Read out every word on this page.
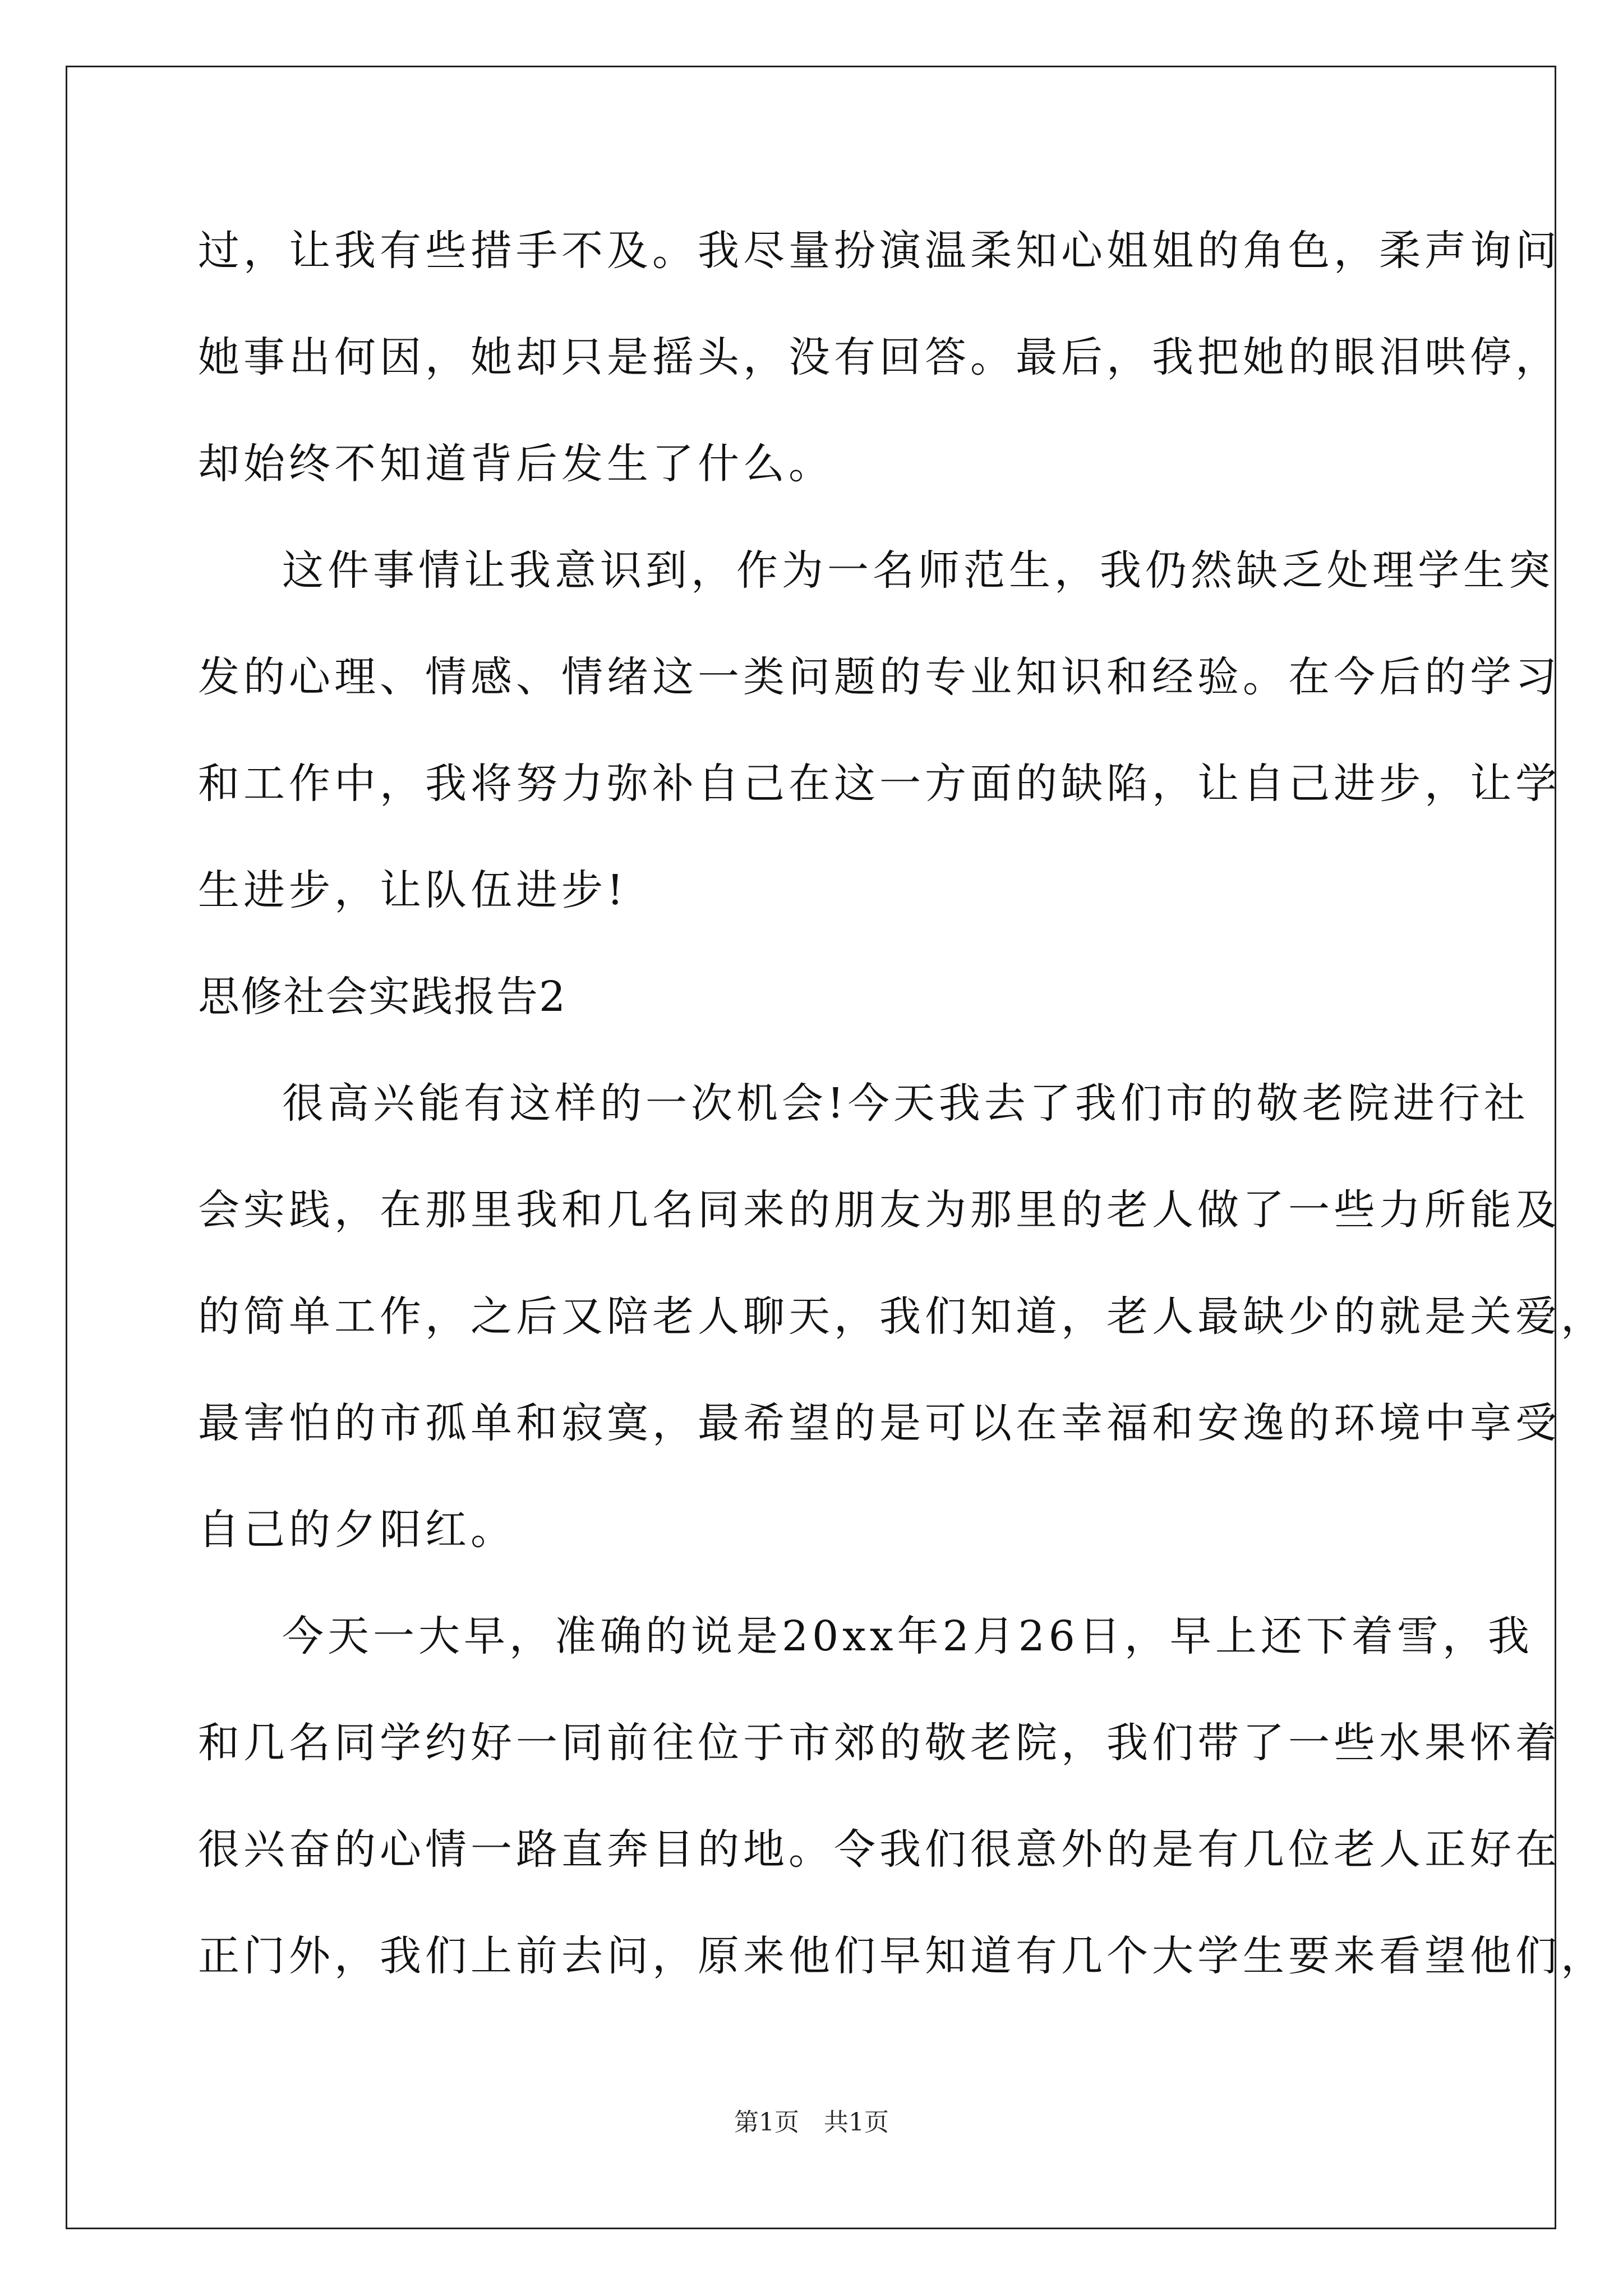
过，让我有些措手不及。我尽量扮演温柔知心姐姐的角色，柔声询问
她事出何因，她却只是摇头，没有回答。最后，我把她的眼泪哄停，
却始终不知道背后发生了什么。
这件事情让我意识到，作为一名师范生，我仍然缺乏处理学生突
发的心理、情感、情绪这一类问题的专业知识和经验。在今后的学习
和工作中，我将努力弥补自己在这一方面的缺陷，让自己进步，让学
生进步，让队伍进步!
思修社会实践报告2
很高兴能有这样的一次机会!今天我去了我们市的敬老院进行社
会实践，在那里我和几名同来的朋友为那里的老人做了一些力所能及
的简单工作，之后又陪老人聊天，我们知道，老人最缺少的就是关爱，
最害怕的市孤单和寂寞，最希望的是可以在幸福和安逸的环境中享受
自己的夕阳红。
今天一大早，准确的说是20xx年2月26日，早上还下着雪，我
和几名同学约好一同前往位于市郊的敬老院，我们带了一些水果怀着
很兴奋的心情一路直奔目的地。令我们很意外的是有几位老人正好在
正门外，我们上前去问，原来他们早知道有几个大学生要来看望他们，
第1页　共1页
